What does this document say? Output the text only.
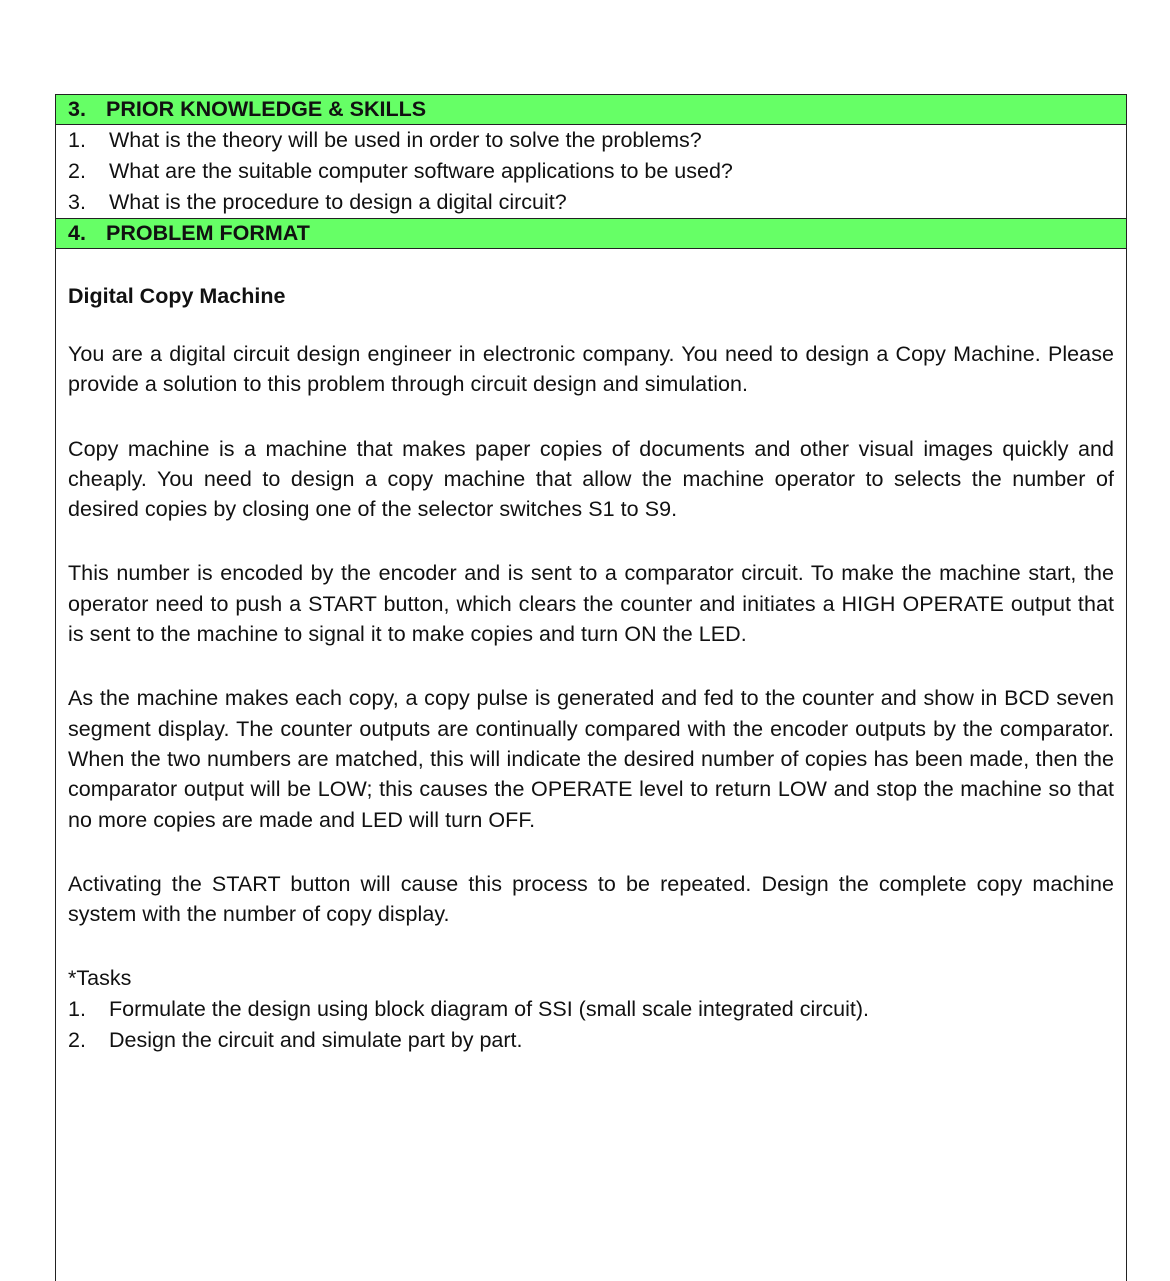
3. PRIOR KNOWLEDGE & SKILLS
1. What is the theory will be used in order to solve the problems?
2. What are the suitable computer software applications to be used?
3. What is the procedure to design a digital circuit?
4. PROBLEM FORMAT
Digital Copy Machine
You are a digital circuit design engineer in electronic company. You need to design a Copy Machine. Please provide a solution to this problem through circuit design and simulation.
Copy machine is a machine that makes paper copies of documents and other visual images quickly and cheaply. You need to design a copy machine that allow the machine operator to selects the number of desired copies by closing one of the selector switches S1 to S9.
This number is encoded by the encoder and is sent to a comparator circuit. To make the machine start, the operator need to push a START button, which clears the counter and initiates a HIGH OPERATE output that is sent to the machine to signal it to make copies and turn ON the LED.
As the machine makes each copy, a copy pulse is generated and fed to the counter and show in BCD seven segment display. The counter outputs are continually compared with the encoder outputs by the comparator. When the two numbers are matched, this will indicate the desired number of copies has been made, then the comparator output will be LOW; this causes the OPERATE level to return LOW and stop the machine so that no more copies are made and LED will turn OFF.
Activating the START button will cause this process to be repeated. Design the complete copy machine system with the number of copy display.
*Tasks
1. Formulate the design using block diagram of SSI (small scale integrated circuit).
2. Design the circuit and simulate part by part.
